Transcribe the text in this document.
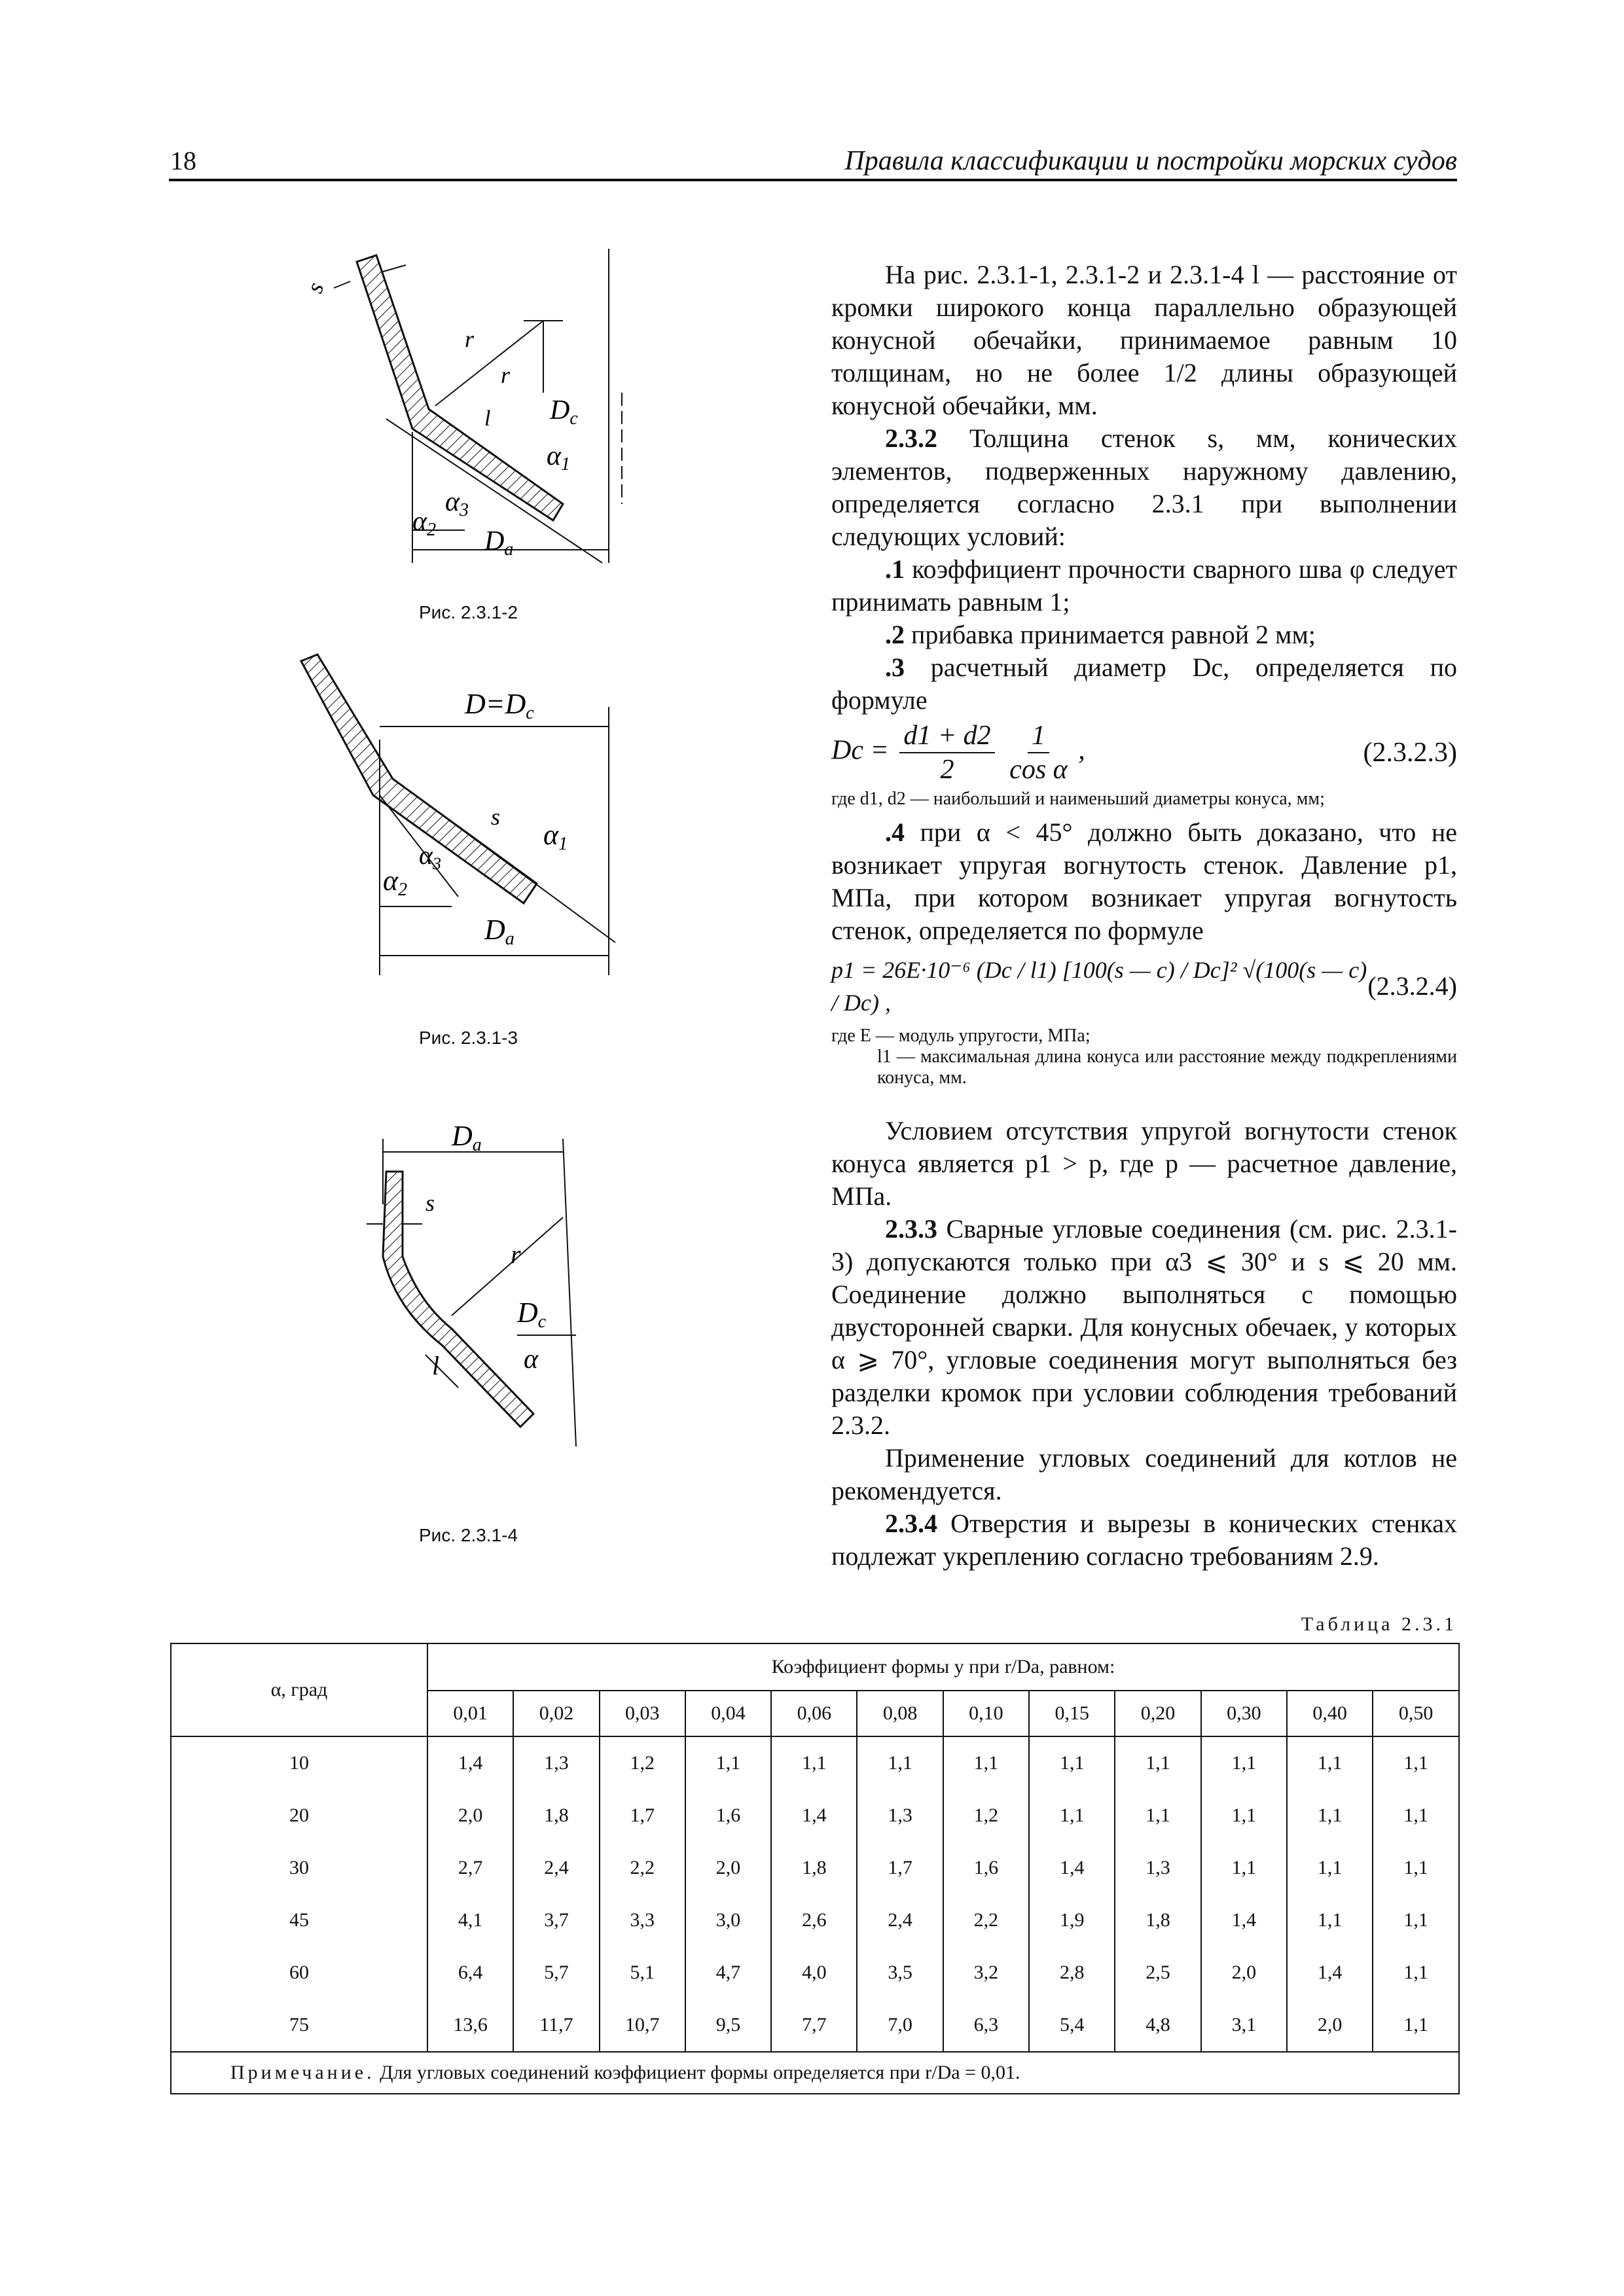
18	Правила классификации и постройки морских судов
s
r
r
l Dc
α1
α3
α2 Da
Рис. 2.3.1-2
D=Dc
s
α1
$\alpha_3$
α2
Da
Рис. 2.3.1-3
Da
s
r
Dc
α
l
Рис. 2.3.1-4

На рис. 2.3.1-1, 2.3.1-2 и 2.3.1-4 l — расстояние от кромки широкого конца параллельно образующей конусной обечайки, принимаемое равным 10 толщинам, но не более 1/2 длины образующей конусной обечайки, мм.

2.3.2 Толщина стенок s, мм, конических элементов, подверженных наружному давлению, определяется согласно 2.3.1 при выполнении следующих условий:

.1 коэффициент прочности сварного шва φ следует принимать равным 1;

.2 прибавка принимается равной 2 мм;

.3 расчетный диаметр Dc, определяется по формуле

$Dc = \frac{d1 + d2}{2}$
$\frac{1}{\text{cos α}}$ ,	(2.3.2.3)

где d1, d2 — наибольший и наименьший диаметры конуса, мм;

.4 при α < 45° должно быть доказано, что не возникает упругая вогнутость стенок. Давление p1, МПа, при котором возникает упругая вогнутость стенок, определяется по формуле

p1 = 26E·10⁻⁶ (Dc / l1) [100(s — c) / Dc]² √(100(s — c) / Dc) ,
(2.3.2.4)

где E — модуль упругости, МПа;

l1 — максимальная длина конуса или расстояние между подкреплениями конуса, мм.

Условием отсутствия упругой вогнутости стенок конуса является p1 > p, где p — расчетное давление, МПа.

2.3.3 Сварные угловые соединения (см. рис. 2.3.1-3) допускаются только при α3 ⩽ 30° и s ⩽ 20 мм. Соединение должно выполняться с помощью двусторонней сварки. Для конусных обечаек, у которых α ⩾ 70°, угловые соединения могут выполняться без разделки кромок при условии соблюдения требований 2.3.2.

Применение угловых соединений для котлов не рекомендуется.

2.3.4 Отверстия и вырезы в конических стенках подлежат укреплению согласно требованиям 2.9.

Таблица 2.3.1
α, град	Коэффициент формы y при r/Da, равном:											
	0,01	0,02	0,03	0,04	0,06	0,08	0,10	0,15	0,20	0,30	0,40	0,50
10	1,4	1,3	1,2	1,1	1,1	1,1	1,1	1,1	1,1	1,1	1,1	1,1
20	2,0	1,8	1,7	1,6	1,4	1,3	1,2	1,1	1,1	1,1	1,1	1,1
30	2,7	2,4	2,2	2,0	1,8	1,7	1,6	1,4	1,3	1,1	1,1	1,1
45	4,1	3,7	3,3	3,0	2,6	2,4	2,2	1,9	1,8	1,4	1,1	1,1
60	6,4	5,7	5,1	4,7	4,0	3,5	3,2	2,8	2,5	2,0	1,4	1,1
75	13,6	11,7	10,7	9,5	7,7	7,0	6,3	5,4	4,8	3,1	2,0	1,1
Примечание. Для угловых соединений коэффициент формы определяется при r/Da = 0,01.												
